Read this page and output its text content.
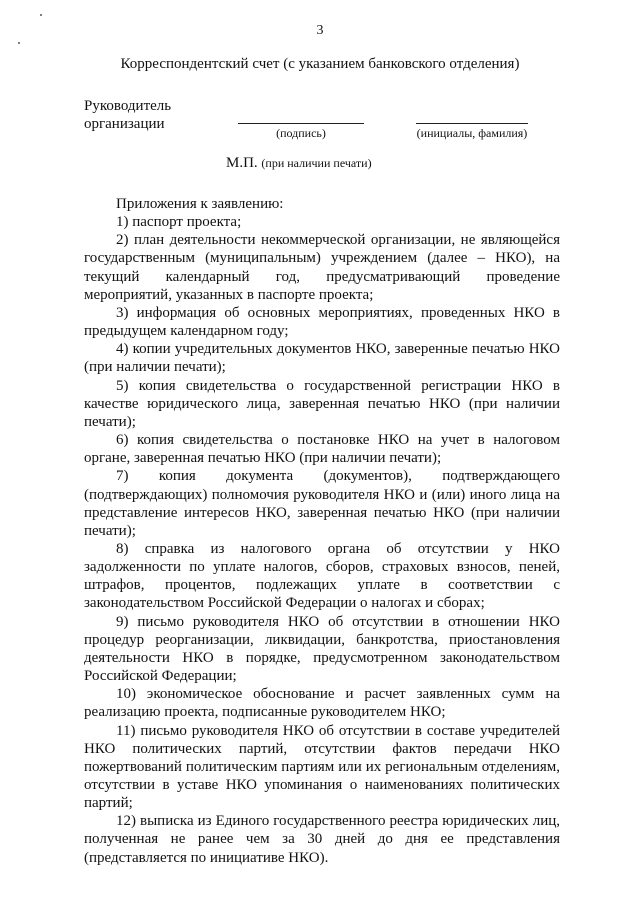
3
Корреспондентский счет (с указанием банковского отделения)
Руководитель
организации
(подпись)	(инициалы, фамилия)
М.П. (при наличии печати)

Приложения к заявлению:

1) паспорт проекта;

2) план деятельности некоммерческой организации, не являющейся государственным (муниципальным) учреждением (далее – НКО), на текущий календарный год, предусматривающий проведение мероприятий, указанных в паспорте проекта;

3) информация об основных мероприятиях, проведенных НКО в предыдущем календарном году;

4) копии учредительных документов НКО, заверенные печатью НКО (при наличии печати);

5) копия свидетельства о государственной регистрации НКО в качестве юридического лица, заверенная печатью НКО (при наличии печати);

6) копия свидетельства о постановке НКО на учет в налоговом органе, заверенная печатью НКО (при наличии печати);

7) копия документа (документов), подтверждающего (подтверждающих) полномочия руководителя НКО и (или) иного лица на представление интересов НКО, заверенная печатью НКО (при наличии печати);

8) справка из налогового органа об отсутствии у НКО задолженности по уплате налогов, сборов, страховых взносов, пеней, штрафов, процентов, подлежащих уплате в соответствии с законодательством Российской Федерации о налогах и сборах;

9) письмо руководителя НКО об отсутствии в отношении НКО процедур реорганизации, ликвидации, банкротства, приостановления деятельности НКО в порядке, предусмотренном законодательством Российской Федерации;

10) экономическое обоснование и расчет заявленных сумм на реализацию проекта, подписанные руководителем НКО;

11) письмо руководителя НКО об отсутствии в составе учредителей НКО политических партий, отсутствии фактов передачи НКО пожертвований политическим партиям или их региональным отделениям, отсутствии в уставе НКО упоминания о наименованиях политических партий;

12) выписка из Единого государственного реестра юридических лиц, полученная не ранее чем за 30 дней до дня ее представления (представляется по инициативе НКО).
